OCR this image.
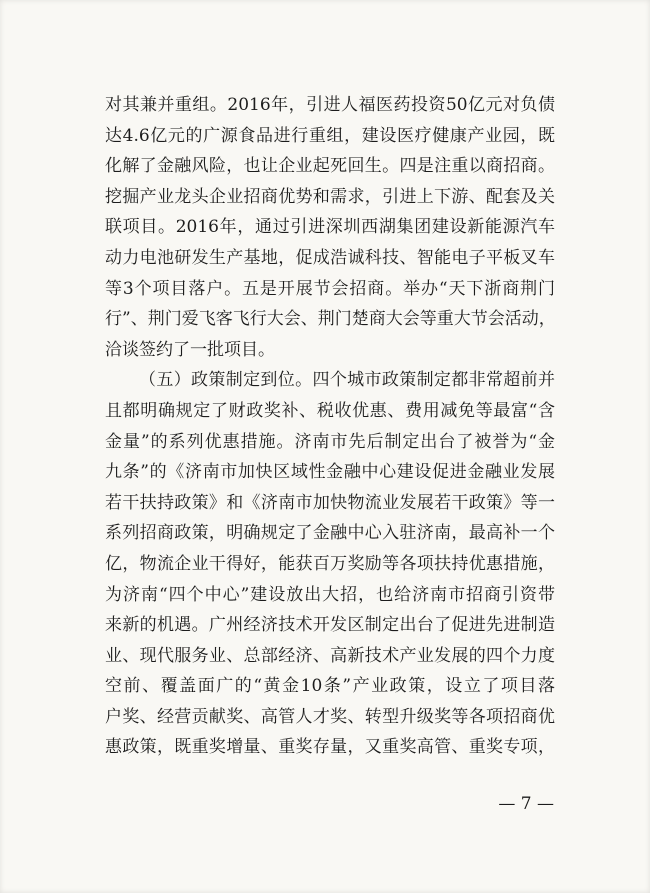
对其兼并重组。2016年，引进人福医药投资50亿元对负债
达4.6亿元的广源食品进行重组，建设医疗健康产业园，既
化解了金融风险，也让企业起死回生。四是注重以商招商。
挖掘产业龙头企业招商优势和需求，引进上下游、配套及关
联项目。2016年，通过引进深圳西湖集团建设新能源汽车
动力电池研发生产基地，促成浩诚科技、智能电子平板叉车
等3个项目落户。五是开展节会招商。举办“天下浙商荆门
行”、荆门爱飞客飞行大会、荆门楚商大会等重大节会活动，
洽谈签约了一批项目。
（五）政策制定到位。四个城市政策制定都非常超前并
且都明确规定了财政奖补、税收优惠、费用减免等最富“含
金量”的系列优惠措施。济南市先后制定出台了被誉为“金
九条”的《济南市加快区域性金融中心建设促进金融业发展
若干扶持政策》和《济南市加快物流业发展若干政策》等一
系列招商政策，明确规定了金融中心入驻济南，最高补一个
亿，物流企业干得好，能获百万奖励等各项扶持优惠措施，
为济南“四个中心”建设放出大招，也给济南市招商引资带
来新的机遇。广州经济技术开发区制定出台了促进先进制造
业、现代服务业、总部经济、高新技术产业发展的四个力度
空前、覆盖面广的“黄金10条”产业政策，设立了项目落
户奖、经营贡献奖、高管人才奖、转型升级奖等各项招商优
惠政策，既重奖增量、重奖存量，又重奖高管、重奖专项，
— 7 —
